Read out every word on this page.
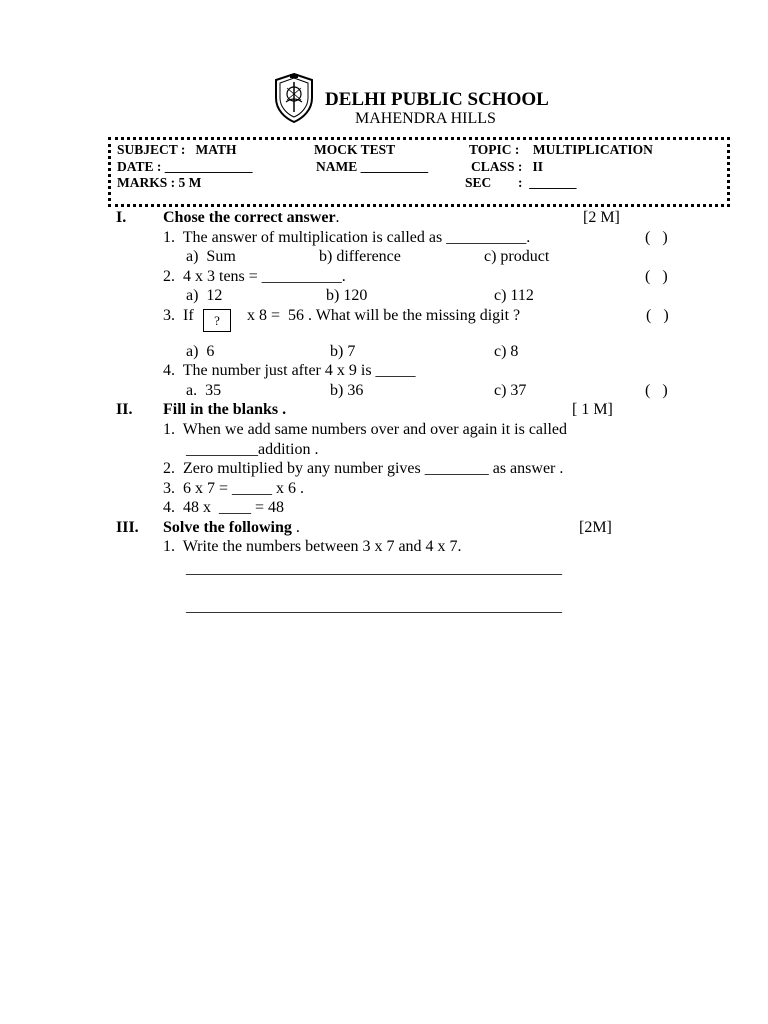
DELHI PUBLIC SCHOOL
MAHENDRA HILLS
SUBJECT :   MATH	MOCK TEST	TOPIC :    MULTIPLICATION
DATE : _____________	NAME __________	CLASS :   II
MARKS : 5 M	SEC :  _______
I. Chose the correct answer.	[2 M]
1.  The answer of multiplication is called as __________.	(   )
a)  Sum	b) difference	c) product
2.  4 x 3 tens = __________.	(   )
a)  12	b) 120	c) 112
3.  If	?	x 8 =  56 . What will be the missing digit ?	(   )
a)  6	b) 7	c) 8
4.  The number just after 4 x 9 is _____
a.  35	b) 36	c) 37	(   )
II. Fill in the blanks .	[ 1 M]
1.  When we add same numbers over and over again it is called
_________addition .
2.  Zero multiplied by any number gives ________ as answer .
3.  6 x 7 = _____ x 6 .
4.  48 x  ____ = 48
III. Solve the following .	[2M]
1.  Write the numbers between 3 x 7 and 4 x 7.
_______________________________________________
_______________________________________________
